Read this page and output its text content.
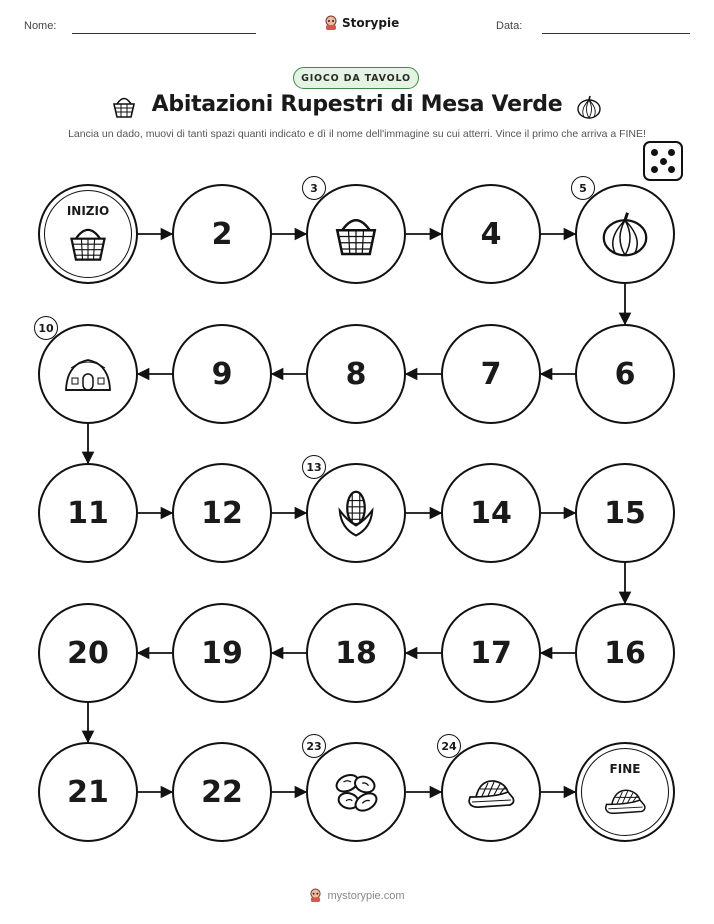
Nome:	Storypie	Data:
GIOCO DA TAVOLO
Abitazioni Rupestri di Mesa Verde
Lancia un dado, muovi di tanti spazi quanti indicato e dì il nome dell'immagine su cui atterri. Vince il primo che arriva a FINE!
FINE
22
21
20	19	18	17	16
15
14
12
11
9	8	7	6
4
2
INIZIO
3	5
10
13
23	24
mystorypie.com
